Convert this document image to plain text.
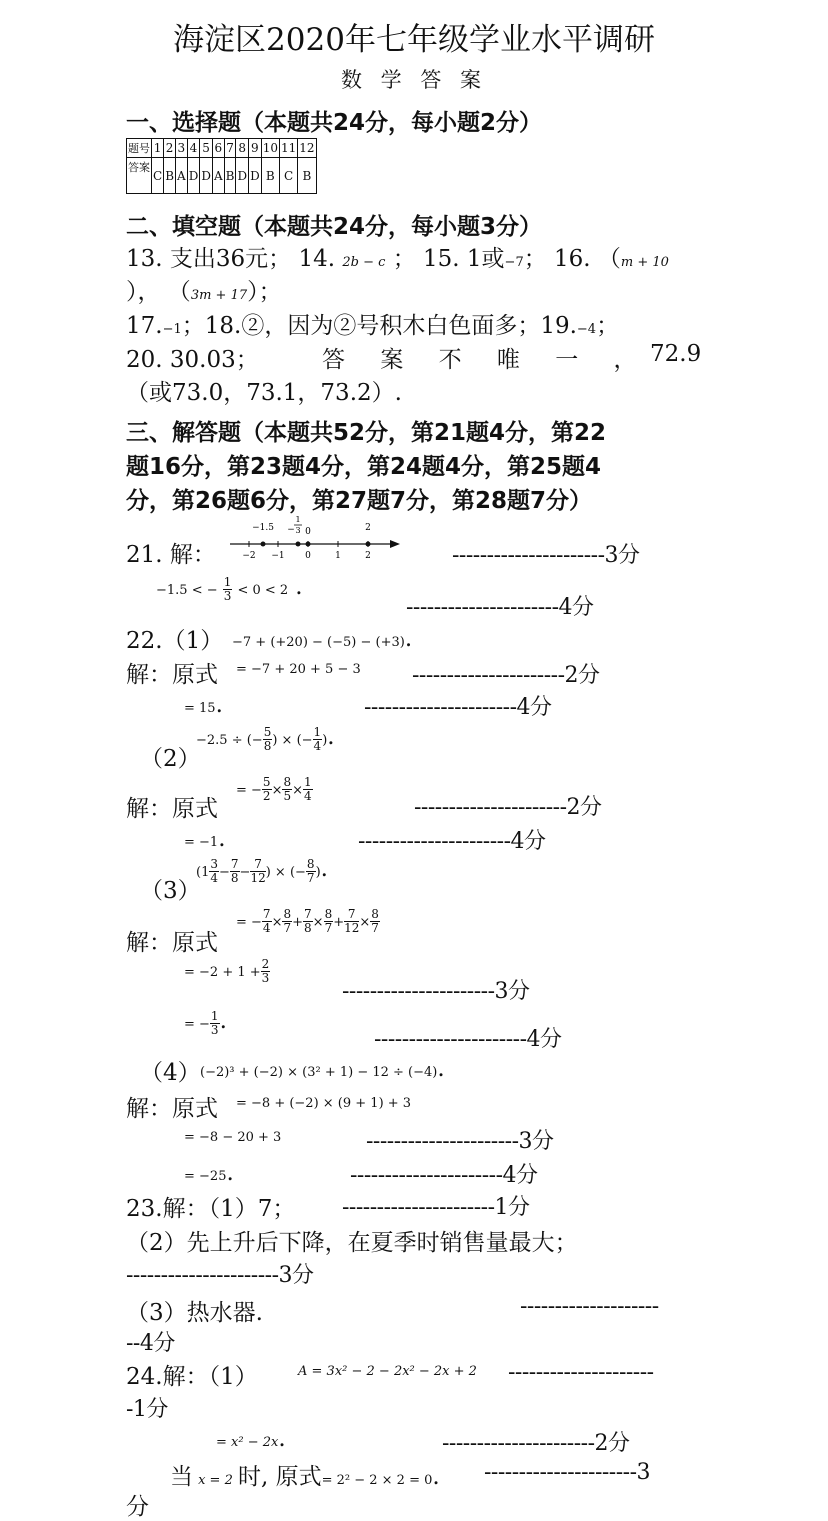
海淀区2020年七年级学业水平调研
数 学 答 案
一、选择题（本题共24分，每小题2分）
题号	1	2	3	4	5	6	7	8	9	10	11	12
答案	C	B	A	D	D	A	B	D	D	B	C	B
二、填空题（本题共24分，每小题3分）
13. 支出36元； 14. 2b − c ； 15. 1或−7； 16. （m + 10
）， （3m + 17）；
17.−1；18.②，因为②号积木白色面多；19.−4；
20. 30.03；	答 案 不 唯 一 ， 72.9
（或73.0，73.1，73.2）.
三、解答题（本题共52分，第21题4分，第22
题16分，第23题4分，第24题4分，第25题4
分，第26题6分，第27题7分，第28题7分）
21. 解：
−1.5 −
1
3 0	2
−2 −1 0	1	2	----------------------3分
−1.5 < − $\frac{1}{3} < 0 < 2$ .
----------------------4分
22.（1） −7 + (+20) − (−5) − (+3).
解：原式 = −7 + 20 + 5 − 3 ----------------------2分
= 15.	----------------------4分
（2）
−2.5 ÷ (− $\frac{5}{8}$ ) × (− $\frac{1}{4}$ ).
解：原式
= − $\frac{5}{2} \times \frac{8}{5} \times \frac{1}{4}$
----------------------2分
= −1.	----------------------4分
（3）
($1 \frac{3}{4} - \frac{7}{8} - \frac{7}{12}$ ) × (− $\frac{8}{7}$ ).
解：原式
= − $\frac{7}{4} \times \frac{8}{7} + \frac{7}{8} \times \frac{8}{7} + \frac{7}{12} \times \frac{8}{7}$
= $-2 + 1 + \frac{2}{3}$
----------------------3分
= − $\frac{1}{3}$ .
----------------------4分
（4） (−2)³ + (−2) × (3² + 1) − 12 ÷ (−4).
解：原式 = −8 + (−2) × (9 + 1) + 3
= −8 − 20 + 3	----------------------3分
= −25.	----------------------4分
23.解：（1）7； ----------------------1分
（2）先上升后下降，在夏季时销售量最大；
----------------------3分
（3）热水器.	--------------------
--4分
24.解：（1）	A = 3x² − 2 − 2x² − 2x + 2 ---------------------
-1分
= x² − 2x.	----------------------2分
当 x = 2 时, 原式= 2² − 2 × 2 = 0. ----------------------3
分
